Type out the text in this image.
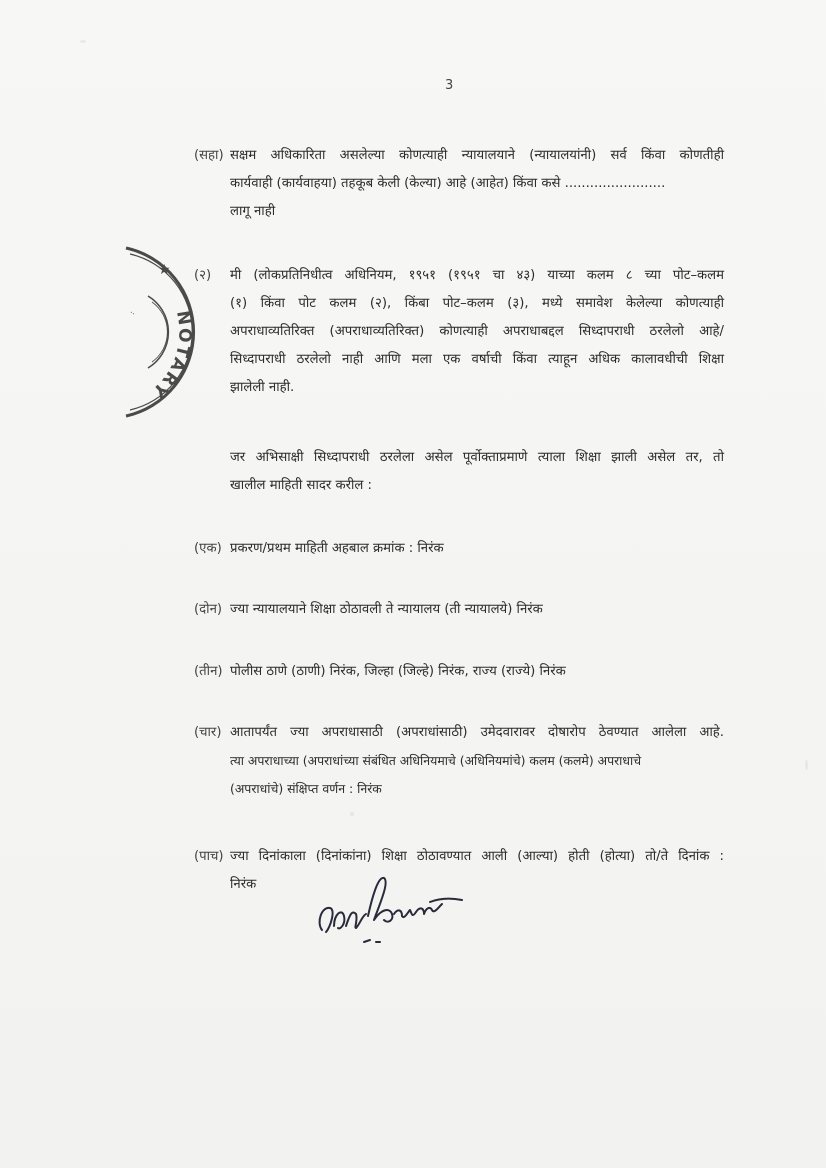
3
NOTARY
★
..
(सहा) सक्षम अधिकारिता असलेल्या कोणत्याही न्यायालयाने (न्यायालयांनी) सर्व किंवा कोणतीही
कार्यवाही (कार्यवाहया) तहकूब केली (केल्या) आहे (आहेत) किंवा कसे ........................
लागू नाही
(२)	मी (लोकप्रतिनिधीत्व अधिनियम, १९५१ (१९५१ चा ४३) याच्या कलम ८ च्या पोट–कलम
(१) किंवा पोट कलम (२), किंबा पोट–कलम (३), मध्ये समावेश केलेल्या कोणत्याही
अपराधाव्यतिरिक्त (अपराधाव्यतिरिक्त) कोणत्याही अपराधाबद्दल सिध्दापराधी ठरलेलो आहे/
सिध्दापराधी ठरलेलो नाही आणि मला एक वर्षाची किंवा त्याहून अधिक कालावधीची शिक्षा
झालेली नाही.
जर अभिसाक्षी सिध्दापराधी ठरलेला असेल पूर्वोक्ताप्रमाणे त्याला शिक्षा झाली असेल तर, तो
खालील माहिती सादर करील :
(एक) प्रकरण/प्रथम माहिती अहबाल क्रमांक : निरंक
(दोन) ज्या न्यायालयाने शिक्षा ठोठावली ते न्यायालय (ती न्यायालये) निरंक
(तीन) पोलीस ठाणे (ठाणी) निरंक, जिल्हा (जिल्हे) निरंक, राज्य (राज्ये) निरंक
(चार) आतापर्यंत ज्या अपराधासाठी (अपराधांसाठी) उमेदवारावर दोषारोप ठेवण्यात आलेला आहे.
त्या अपराधाच्या (अपराधांच्या संबंधित अधिनियमाचे (अधिनियमांचे) कलम (कलमे) अपराधाचे
(अपराधांचे) संक्षिप्त वर्णन : निरंक
(पाच) ज्या दिनांकाला (दिनांकांना) शिक्षा ठोठावण्यात आली (आल्या) होती (होत्या) तो/ते दिनांक :
निरंक
